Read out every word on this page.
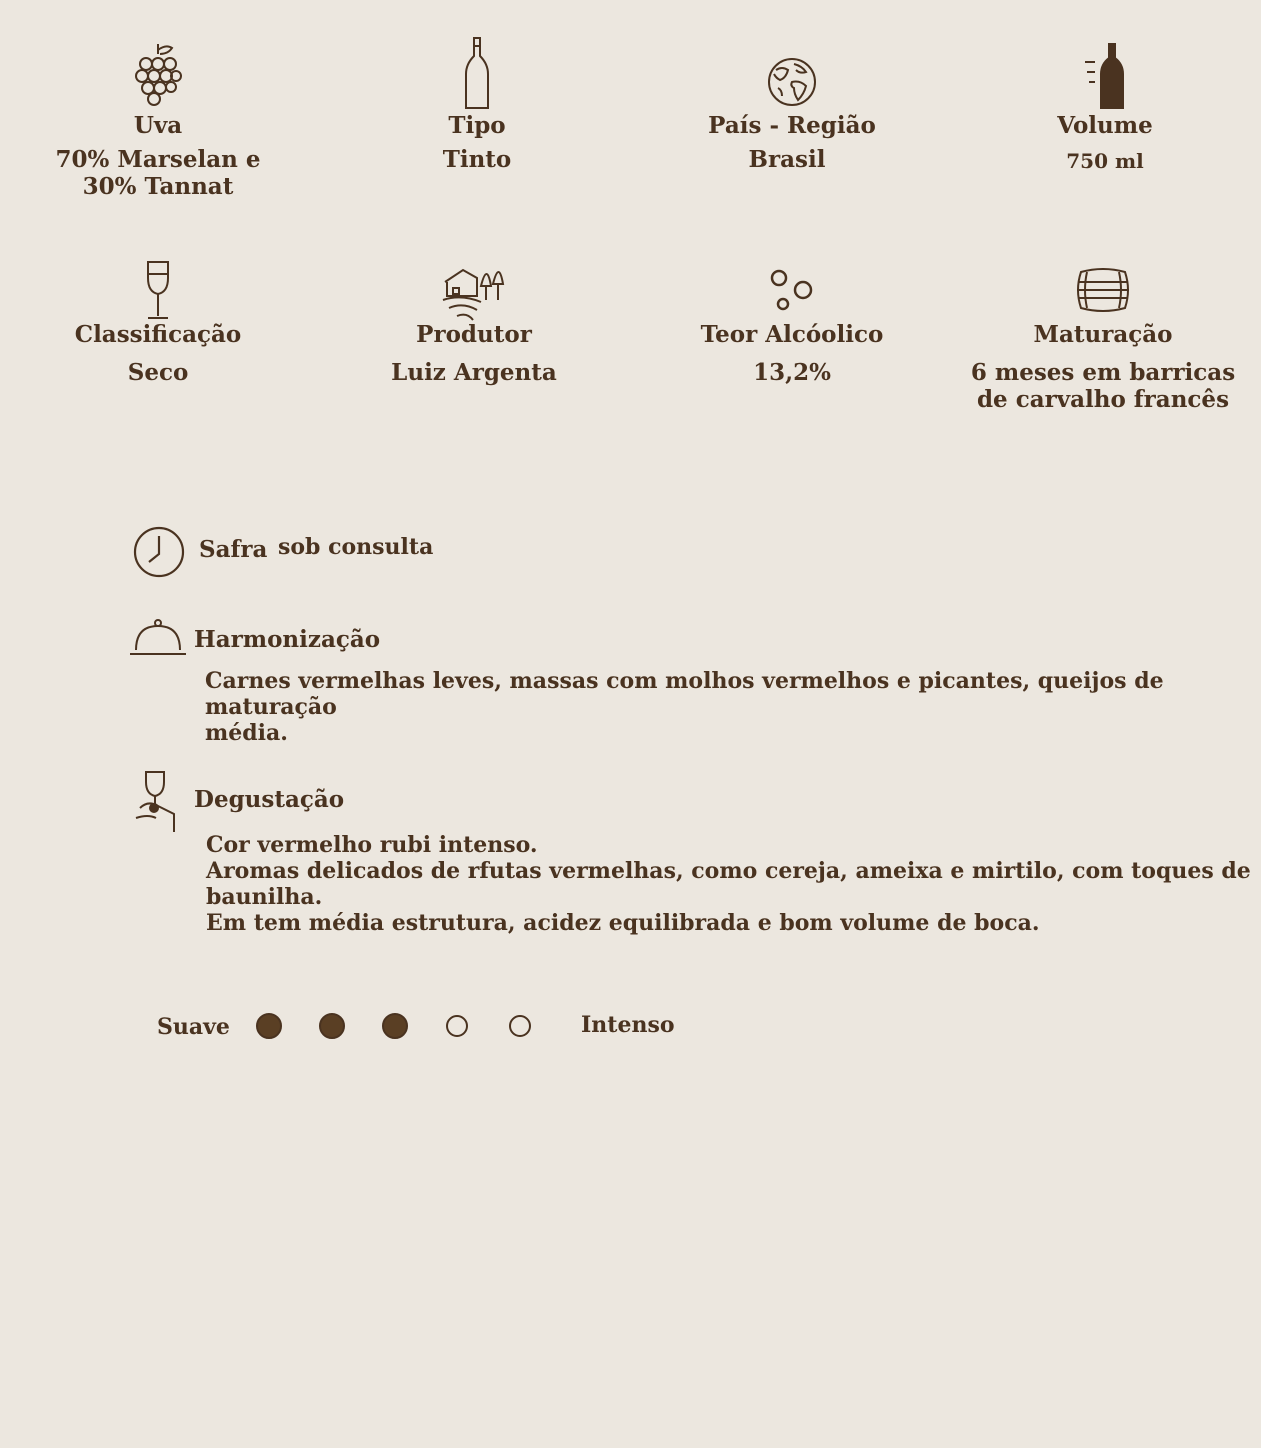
Uva
70% Marselan e
30% Tannat
Tipo
Tinto
País - Região
Brasil
Volume
750 ml
Classificação
Seco
Produtor
Luiz Argenta
Teor Alcóolico
13,2%
Maturação
6 meses em barricas
de carvalho francês
Safra sob consulta
Harmonização
Carnes vermelhas leves, massas com molhos vermelhos e picantes, queijos de maturação
média.
Degustação
Cor vermelho rubi intenso.
Aromas delicados de rfutas vermelhas, como cereja, ameixa e mirtilo, com toques de
baunilha.
Em tem média estrutura, acidez equilibrada e bom volume de boca.
Suave	Intenso
